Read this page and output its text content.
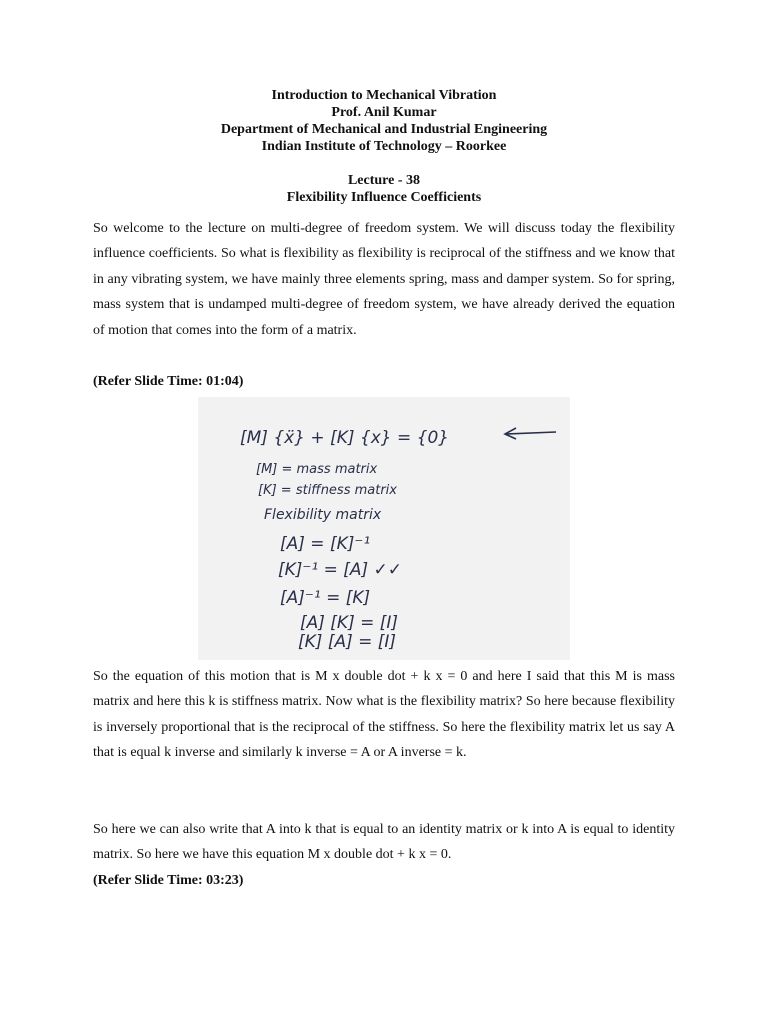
Introduction to Mechanical Vibration
Prof. Anil Kumar
Department of Mechanical and Industrial Engineering
Indian Institute of Technology – Roorkee
Lecture - 38
Flexibility Influence Coefficients

So welcome to the lecture on multi-degree of freedom system. We will discuss today the flexibility influence coefficients. So what is flexibility as flexibility is reciprocal of the stiffness and we know that in any vibrating system, we have mainly three elements spring, mass and damper system. So for spring, mass system that is undamped multi-degree of freedom system, we have already derived the equation of motion that comes into the form of a matrix.

(Refer Slide Time: 01:04)

[M] {ẍ} + [K] {x} = {0}
[M] = mass matrix
[K] = stiffness matrix
Flexibility matrix
[A] = [K]⁻¹
[K]⁻¹ = [A] ✓✓
[A]⁻¹ = [K]
[A] [K] = [I]
[K] [A] = [I]

So the equation of this motion that is M x double dot + k x = 0 and here I said that this M is mass matrix and here this k is stiffness matrix. Now what is the flexibility matrix? So here because flexibility is inversely proportional that is the reciprocal of the stiffness. So here the flexibility matrix let us say A that is equal k inverse and similarly k inverse = A or A inverse = k.

So here we can also write that A into k that is equal to an identity matrix or k into A is equal to identity matrix. So here we have this equation M x double dot + k x = 0.

(Refer Slide Time: 03:23)
